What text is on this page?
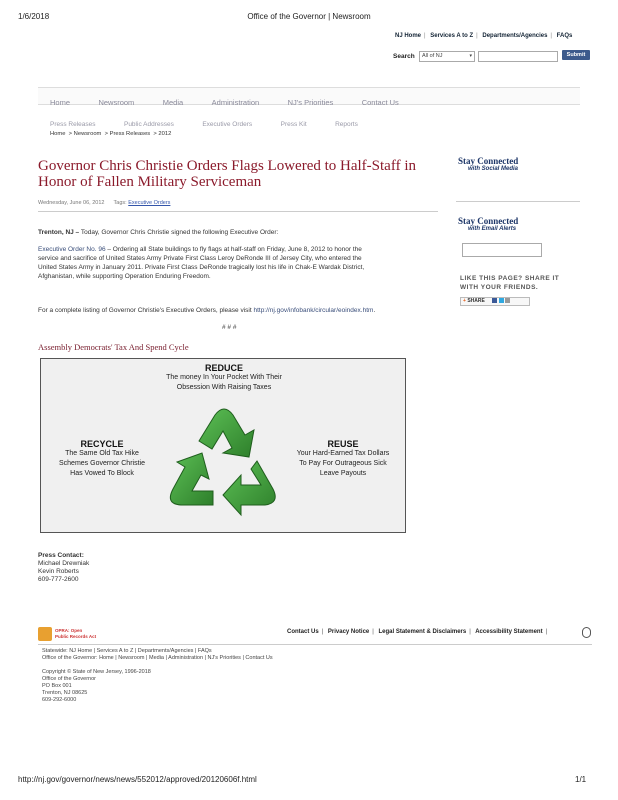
1/6/2018	Office of the Governor | Newsroom
NJ Home | Services A to Z | Departments/Agencies | FAQs
Search	All of NJ	▾	Submit
Home	Newsroom	Media	Administration	NJ's Priorities	Contact Us
Press Releases	Public Addresses	Executive Orders	Press Kit	Reports
Home  > Newsroom  > Press Releases  > 2012
Governor Chris Christie Orders Flags Lowered to Half-Staff in
Honor of Fallen Military Serviceman
Wednesday, June 06, 2012 Tags: Executive Orders
Trenton, NJ – Today, Governor Chris Christie signed the following Executive Order:
Executive Order No. 96 – Ordering all State buildings to fly flags at half-staff on Friday, June 8, 2012 to honor the
service and sacrifice of United States Army Private First Class Leroy DeRonde III of Jersey City, who entered the
United States Army in January 2011. Private First Class DeRonde tragically lost his life in Chak-E Wardak District,
Afghanistan, while supporting Operation Enduring Freedom.
For a complete listing of Governor Christie's Executive Orders, please visit http://nj.gov/infobank/circular/eoindex.htm.
# # #
Assembly Democrats' Tax And Spend Cycle
REDUCE
The money In Your Pocket With Their
Obsession With Raising Taxes
RECYCLE
The Same Old Tax Hike
Schemes Governor Christie
Has Vowed To Block
REUSE
Your Hard-Earned Tax Dollars
To Pay For Outrageous Sick
Leave Payouts
Press Contact:
Michael Drewniak
Kevin Roberts
609-777-2600
Stay Connected
with Social Media
Stay Connected
with Email Alerts
LIKE THIS PAGE? SHARE IT
WITH YOUR FRIENDS.
+ SHARE
OPRA: Open
Public Records Act
Contact Us | Privacy Notice | Legal Statement & Disclaimers | Accessibility Statement |
Statewide: NJ Home | Services A to Z | Departments/Agencies | FAQs
Office of the Governor: Home | Newsroom | Media | Administration | NJ's Priorities | Contact Us
Copyright © State of New Jersey, 1996-2018
Office of the Governor
PO Box 001
Trenton, NJ 08625
609-292-6000
http://nj.gov/governor/news/news/552012/approved/20120606f.html	1/1
